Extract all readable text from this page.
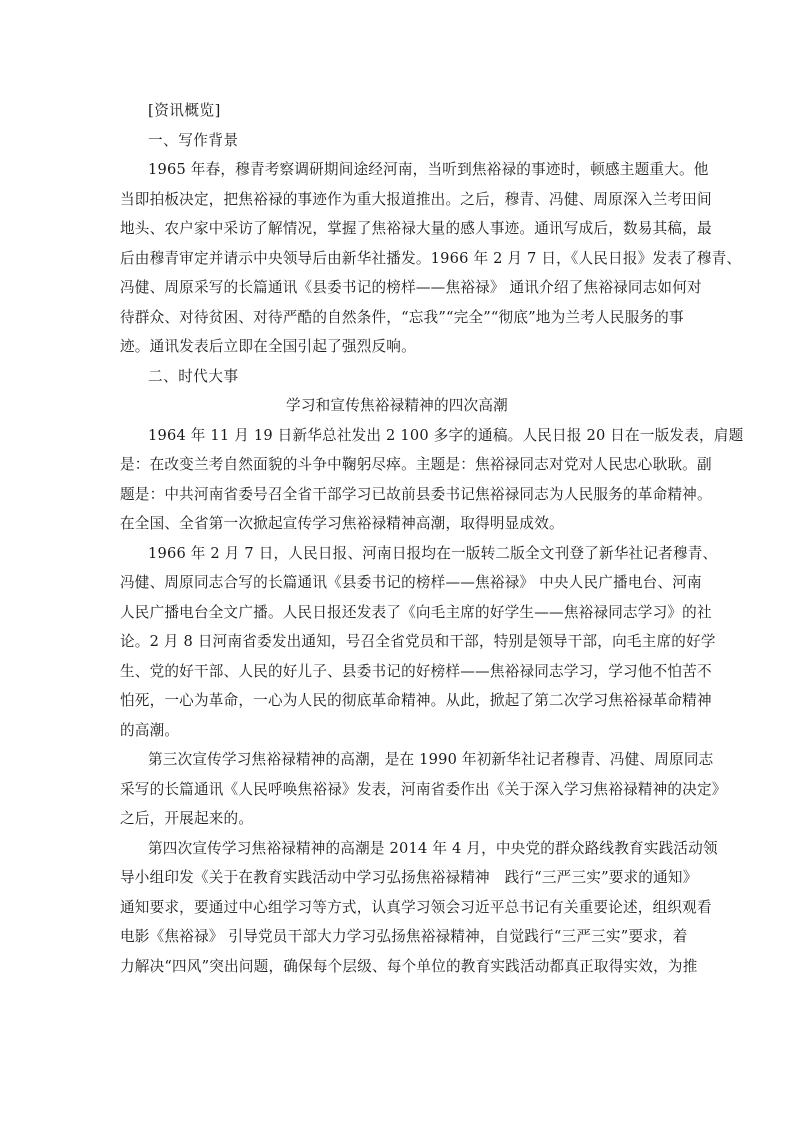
[资讯概览]
一、写作背景
1965 年春，穆青考察调研期间途经河南，当听到焦裕禄的事迹时，顿感主题重大。他
当即拍板决定，把焦裕禄的事迹作为重大报道推出。之后，穆青、冯健、周原深入兰考田间
地头、农户家中采访了解情况，掌握了焦裕禄大量的感人事迹。通讯写成后，数易其稿，最
后由穆青审定并请示中央领导后由新华社播发。1966 年 2 月 7 日，《人民日报》发表了穆青、
冯健、周原采写的长篇通讯《县委书记的榜样——焦裕禄》 通讯介绍了焦裕禄同志如何对
待群众、对待贫困、对待严酷的自然条件，“忘我”“完全”“彻底”地为兰考人民服务的事
迹。通讯发表后立即在全国引起了强烈反响。
二、时代大事
学习和宣传焦裕禄精神的四次高潮
1964 年 11 月 19 日新华总社发出 2 100 多字的通稿。人民日报 20 日在一版发表，肩题
是：在改变兰考自然面貌的斗争中鞠躬尽瘁。主题是：焦裕禄同志对党对人民忠心耿耿。副
题是：中共河南省委号召全省干部学习已故前县委书记焦裕禄同志为人民服务的革命精神。
在全国、全省第一次掀起宣传学习焦裕禄精神高潮，取得明显成效。
1966 年 2 月 7 日，人民日报、河南日报均在一版转二版全文刊登了新华社记者穆青、
冯健、周原同志合写的长篇通讯《县委书记的榜样——焦裕禄》 中央人民广播电台、河南
人民广播电台全文广播。人民日报还发表了《向毛主席的好学生——焦裕禄同志学习》的社
论。2 月 8 日河南省委发出通知，号召全省党员和干部，特别是领导干部，向毛主席的好学
生、党的好干部、人民的好儿子、县委书记的好榜样——焦裕禄同志学习，学习他不怕苦不
怕死，一心为革命，一心为人民的彻底革命精神。从此，掀起了第二次学习焦裕禄革命精神
的高潮。
第三次宣传学习焦裕禄精神的高潮，是在 1990 年初新华社记者穆青、冯健、周原同志
采写的长篇通讯《人民呼唤焦裕禄》发表，河南省委作出《关于深入学习焦裕禄精神的决定》
之后，开展起来的。
第四次宣传学习焦裕禄精神的高潮是 2014 年 4 月，中央党的群众路线教育实践活动领
导小组印发《关于在教育实践活动中学习弘扬焦裕禄精神　践行“三严三实”要求的通知》
通知要求，要通过中心组学习等方式，认真学习领会习近平总书记有关重要论述，组织观看
电影《焦裕禄》 引导党员干部大力学习弘扬焦裕禄精神，自觉践行“三严三实”要求，着
力解决“四风”突出问题，确保每个层级、每个单位的教育实践活动都真正取得实效，为推
